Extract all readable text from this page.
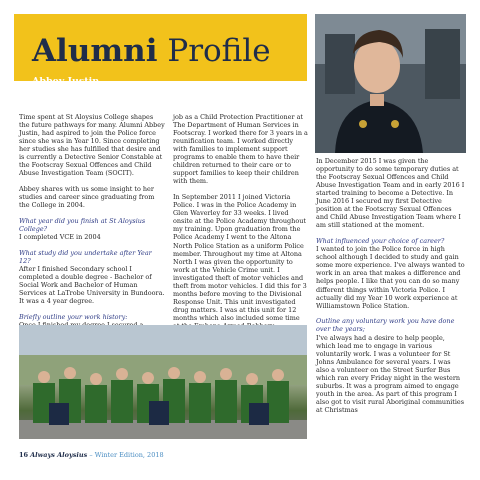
Alumni Profile
Abbey Justin

Time spent at St Aloysius College shapes the future pathways for many. Alumni Abbey Justin, had aspired to join the Police force since she was in Year 10. Since completing her studies she has fulfilled that desire and is currently a Detective Senior Constable at the Footscray Sexual Offences and Child Abuse Investigation Team (SOCIT).

Abbey shares with us some insight to her studies and career since graduating from the College in 2004.

What year did you finish at St Aloysius College?

I completed VCE in 2004

What study did you undertake after Year 12?

After I finished Secondary school I completed a double degree - Bachelor of Social Work and Bachelor of Human Services at LaTrobe University in Bundoora. It was a 4 year degree.

Briefly outline your work history:

job as a Child Protection Practitioner at The Department of Human Services in Footscray. I worked there for 3 years in a reunification team. I worked directly with families to implement support programs to enable them to have their children returned to their care or to support families to keep their children with them.

In September 2011 I joined Victoria Police. I was in the Police Academy in Glen Waverley for 33 weeks. I lived onsite at the Police Academy throughout my training. Upon graduation from the Police Academy I went to the Altona North Police Station as a uniform Police member. Throughout my time at Altona North I was given the opportunity to work at the Vehicle Crime unit. I investigated theft of motor vehicles and theft from motor vehicles. I did this for 3 months before moving to the Divisional Response Unit. This unit investigated drug matters. I was at this unit for 12 months which also included some time

In December 2015 I was given the opportunity to do some temporary duties at the Footscray Sexual Offences and Child Abuse Investigation Team and in early 2016 I started training to become a Detective. In June 2016 I secured my first Detective position at the Footscray Sexual Offences and Child Abuse Investigation Team where I am still stationed at the moment.

What influenced your choice of career?

I wanted to join the Police force in high school although I decided to study and gain some more experience. I've always wanted to work in an area that makes a difference and helps people. I like that you can do so many different things within Victoria Police. I actually did my Year 10 work experience at Williamstown Police Station.

Outline any voluntary work you have done over the years;

I've always had a desire to help people, which lead me to engage in various voluntarily work. I was a volunteer for St Johns Ambulance for several years. I was also a volunteer on the Street Surfer Bus which ran every Friday night in the western suburbs. It was a program aimed to engage youth in the area. As part of this program I also got to visit rural Aboriginal communities at Christmas

16 Always Aloysius – Winter Edition, 2018
